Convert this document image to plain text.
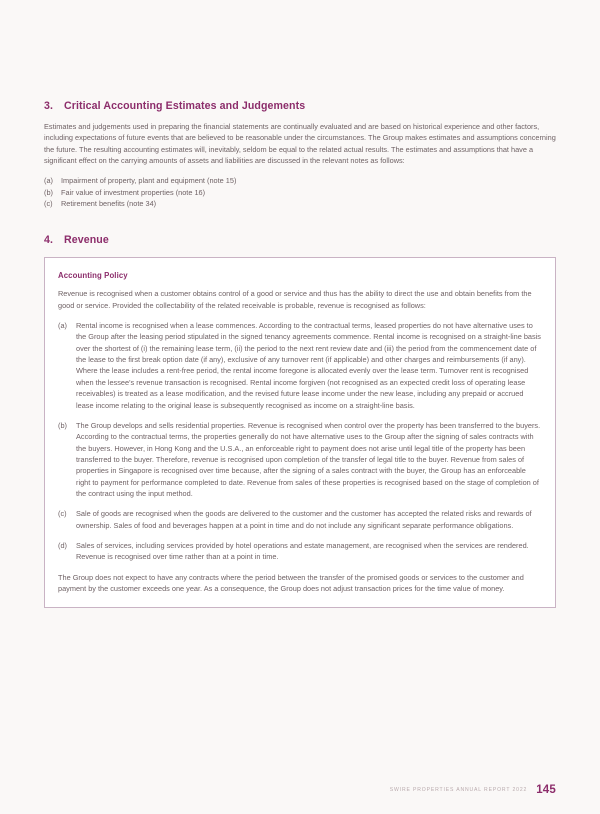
3.	Critical Accounting Estimates and Judgements

Estimates and judgements used in preparing the financial statements are continually evaluated and are based on historical experience and other factors, including expectations of future events that are believed to be reasonable under the circumstances. The Group makes estimates and assumptions concerning the future. The resulting accounting estimates will, inevitably, seldom be equal to the related actual results. The estimates and assumptions that have a significant effect on the carrying amounts of assets and liabilities are discussed in the relevant notes as follows:

(a)	Impairment of property, plant and equipment (note 15)
(b)	Fair value of investment properties (note 16)
(c)	Retirement benefits (note 34)
4.	Revenue
Accounting Policy

Revenue is recognised when a customer obtains control of a good or service and thus has the ability to direct the use and obtain benefits from the good or service. Provided the collectability of the related receivable is probable, revenue is recognised as follows:

(a)	Rental income is recognised when a lease commences. According to the contractual terms, leased properties do not have alternative uses to the Group after the leasing period stipulated in the signed tenancy agreements commence. Rental income is recognised on a straight-line basis over the shortest of (i) the remaining lease term, (ii) the period to the next rent review date and (iii) the period from the commencement date of the lease to the first break option date (if any), exclusive of any turnover rent (if applicable) and other charges and reimbursements (if any). Where the lease includes a rent-free period, the rental income foregone is allocated evenly over the lease term. Turnover rent is recognised when the lessee's revenue transaction is recognised. Rental income forgiven (not recognised as an expected credit loss of operating lease receivables) is treated as a lease modification, and the revised future lease income under the new lease, including any prepaid or accrued lease income relating to the original lease is subsequently recognised as income on a straight-line basis.
(b)	The Group develops and sells residential properties. Revenue is recognised when control over the property has been transferred to the buyers. According to the contractual terms, the properties generally do not have alternative uses to the Group after the signing of sales contracts with the buyers. However, in Hong Kong and the U.S.A., an enforceable right to payment does not arise until legal title of the property has been transferred to the buyer. Therefore, revenue is recognised upon completion of the transfer of legal title to the buyer. Revenue from sales of properties in Singapore is recognised over time because, after the signing of a sales contract with the buyer, the Group has an enforceable right to payment for performance completed to date. Revenue from sales of these properties is recognised based on the stage of completion of the contract using the input method.
(c)	Sale of goods are recognised when the goods are delivered to the customer and the customer has accepted the related risks and rewards of ownership. Sales of food and beverages happen at a point in time and do not include any significant separate performance obligations.
(d)	Sales of services, including services provided by hotel operations and estate management, are recognised when the services are rendered. Revenue is recognised over time rather than at a point in time.

The Group does not expect to have any contracts where the period between the transfer of the promised goods or services to the customer and payment by the customer exceeds one year. As a consequence, the Group does not adjust transaction prices for the time value of money.

SWIRE PROPERTIES ANNUAL REPORT 2022 145
